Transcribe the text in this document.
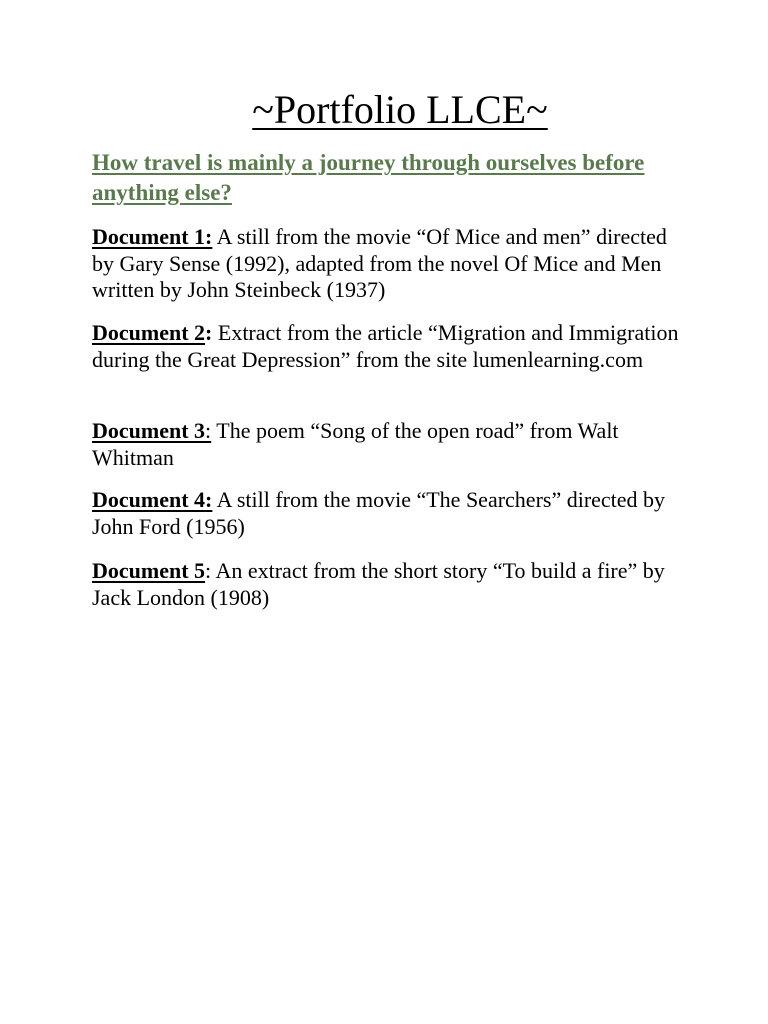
~Portfolio LLCE~

How travel is mainly a journey through ourselves before anything else?

Document 1: A still from the movie “Of Mice and men” directed by Gary Sense (1992), adapted from the novel Of Mice and Men written by John Steinbeck (1937)

Document 2: Extract from the article “Migration and Immigration during the Great Depression” from the site lumenlearning.com

Document 3: The poem “Song of the open road” from Walt Whitman

Document 4: A still from the movie “The Searchers” directed by John Ford (1956)

Document 5: An extract from the short story “To build a fire” by Jack London (1908)
